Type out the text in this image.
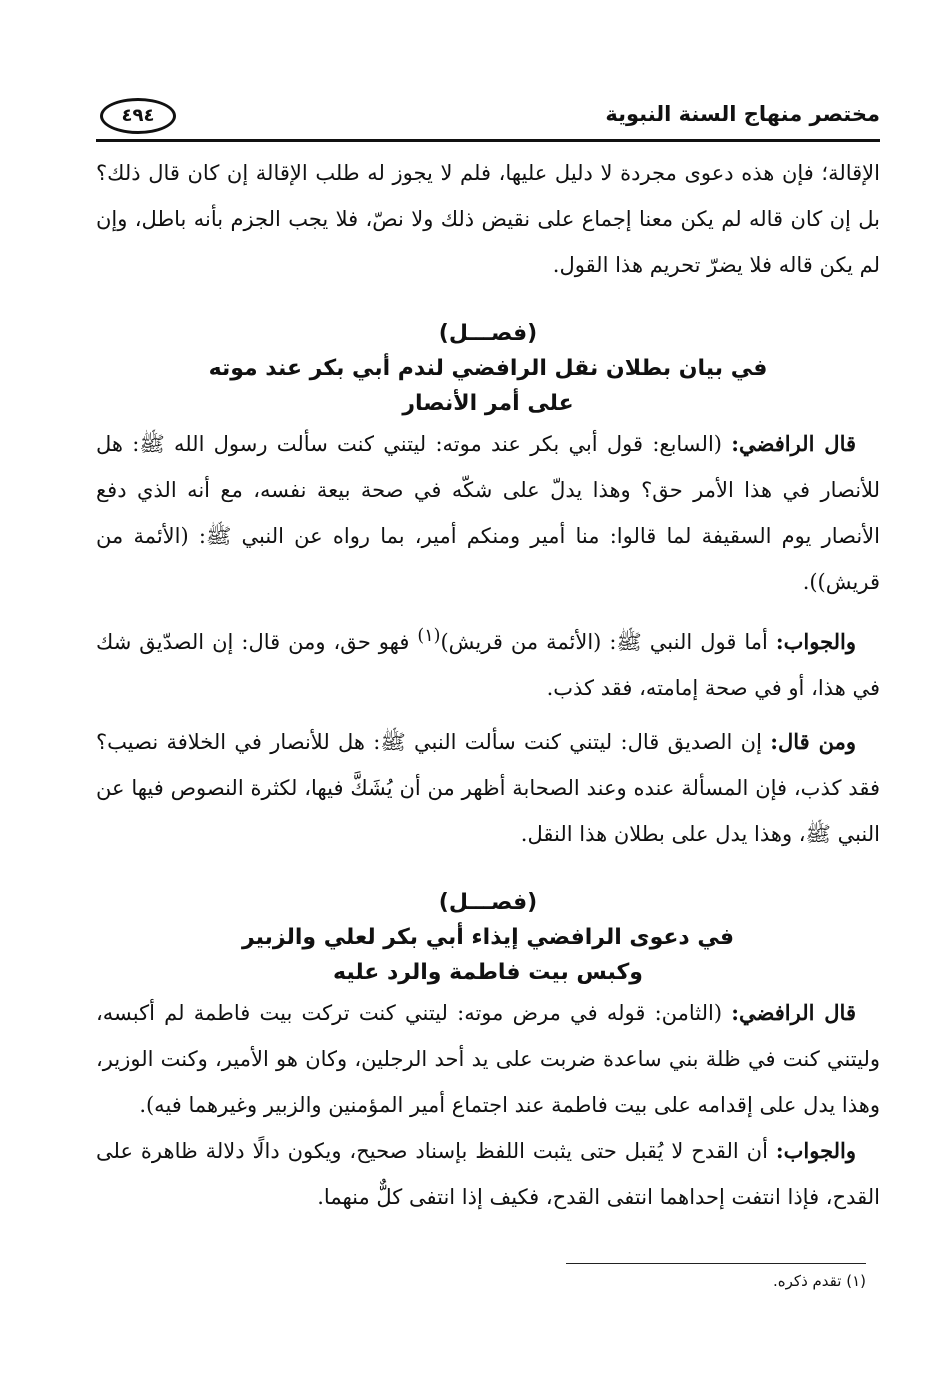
مختصر منهاج السنة النبوية
٤٩٤

الإقالة؛ فإن هذه دعوى مجردة لا دليل عليها، فلم لا يجوز له طلب الإقالة إن كان قال ذلك؟ بل إن كان قاله لم يكن معنا إجماع على نقيض ذلك ولا نصّ، فلا يجب الجزم بأنه باطل، وإن لم يكن قاله فلا يضرّ تحريم هذا القول.

(فصـــل)
في بيان بطلان نقل الرافضي لندم أبي بكر عند موته
على أمر الأنصار

قال الرافضي: (السابع: قول أبي بكر عند موته: ليتني كنت سألت رسول الله ﷺ: هل للأنصار في هذا الأمر حق؟ وهذا يدلّ على شكّه في صحة بيعة نفسه، مع أنه الذي دفع الأنصار يوم السقيفة لما قالوا: منا أمير ومنكم أمير، بما رواه عن النبي ﷺ: (الأئمة من قريش)).

والجواب: أما قول النبي ﷺ: (الأئمة من قريش)$^{(١)}$ فهو حق، ومن قال: إن الصدّيق شك في هذا، أو في صحة إمامته، فقد كذب.

ومن قال: إن الصديق قال: ليتني كنت سألت النبي ﷺ: هل للأنصار في الخلافة نصيب؟ فقد كذب، فإن المسألة عنده وعند الصحابة أظهر من أن يُشَكَّ فيها، لكثرة النصوص فيها عن النبي ﷺ، وهذا يدل على بطلان هذا النقل.

(فصـــل)
في دعوى الرافضي إيذاء أبي بكر لعلي والزبير
وكبس بيت فاطمة والرد عليه

قال الرافضي: (الثامن: قوله في مرض موته: ليتني كنت تركت بيت فاطمة لم أكبسه، وليتني كنت في ظلة بني ساعدة ضربت على يد أحد الرجلين، وكان هو الأمير، وكنت الوزير، وهذا يدل على إقدامه على بيت فاطمة عند اجتماع أمير المؤمنين والزبير وغيرهما فيه).

والجواب: أن القدح لا يُقبل حتى يثبت اللفظ بإسناد صحيح، ويكون دالًا دلالة ظاهرة على القدح، فإذا انتفت إحداهما انتفى القدح، فكيف إذا انتفى كلٌّ منهما.

(١) تقدم ذكره.
